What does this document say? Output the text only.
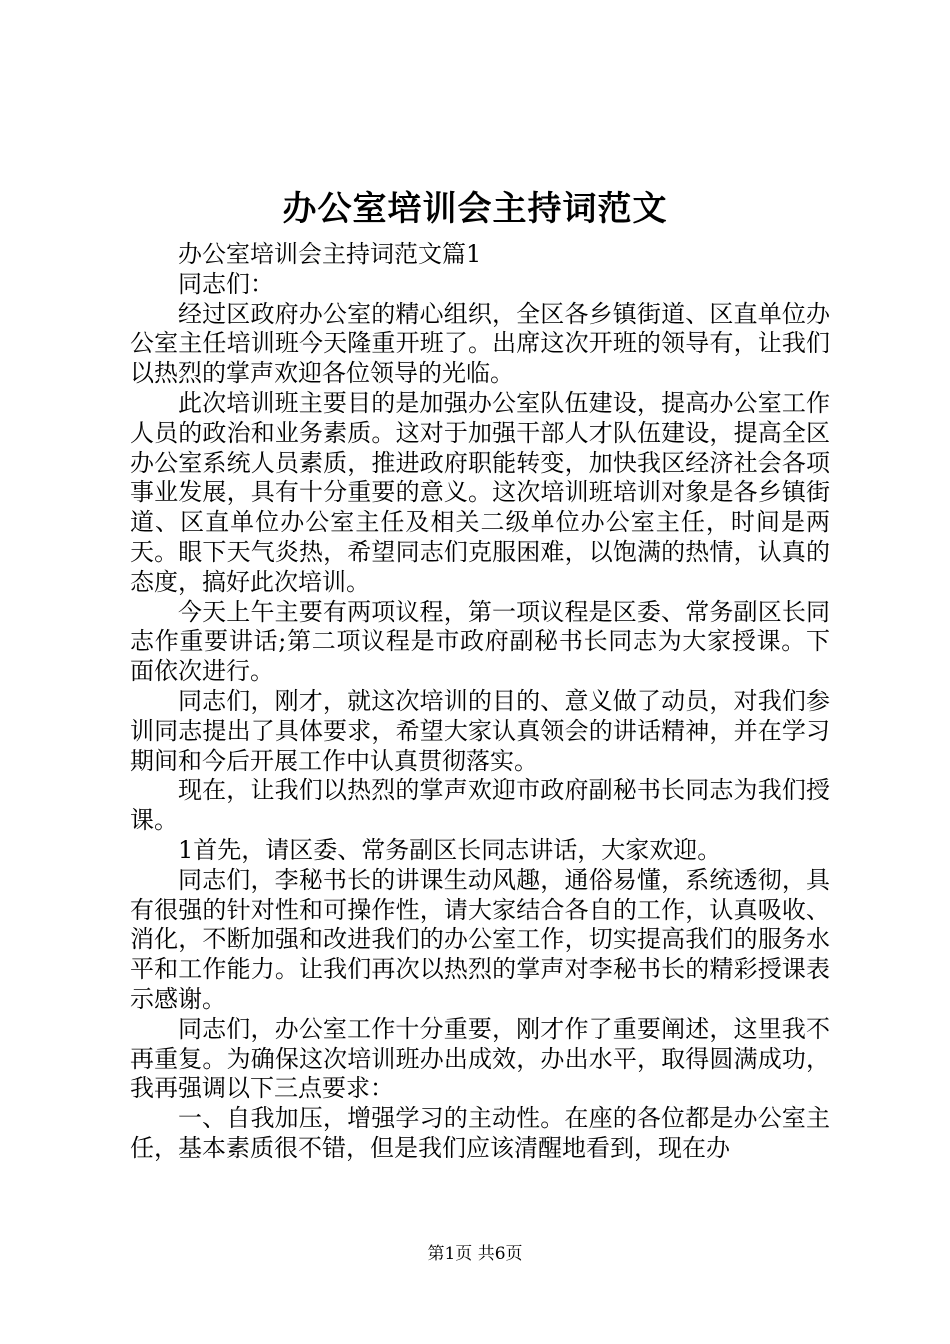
办公室培训会主持词范文

办公室培训会主持词范文篇1

同志们：

经过区政府办公室的精心组织，全区各乡镇街道、区直单位办公室主任培训班今天隆重开班了。出席这次开班的领导有，让我们以热烈的掌声欢迎各位领导的光临。

此次培训班主要目的是加强办公室队伍建设，提高办公室工作人员的政治和业务素质。这对于加强干部人才队伍建设，提高全区办公室系统人员素质，推进政府职能转变，加快我区经济社会各项事业发展，具有十分重要的意义。这次培训班培训对象是各乡镇街道、区直单位办公室主任及相关二级单位办公室主任，时间是两天。眼下天气炎热，希望同志们克服困难，以饱满的热情，认真的态度，搞好此次培训。

今天上午主要有两项议程，第一项议程是区委、常务副区长同志作重要讲话;第二项议程是市政府副秘书长同志为大家授课。下面依次进行。

同志们，刚才，就这次培训的目的、意义做了动员，对我们参训同志提出了具体要求，希望大家认真领会的讲话精神，并在学习期间和今后开展工作中认真贯彻落实。

现在，让我们以热烈的掌声欢迎市政府副秘书长同志为我们授课。

1首先，请区委、常务副区长同志讲话，大家欢迎。

同志们，李秘书长的讲课生动风趣，通俗易懂，系统透彻，具有很强的针对性和可操作性，请大家结合各自的工作，认真吸收、消化，不断加强和改进我们的办公室工作，切实提高我们的服务水平和工作能力。让我们再次以热烈的掌声对李秘书长的精彩授课表示感谢。

同志们，办公室工作十分重要，刚才作了重要阐述，这里我不再重复。为确保这次培训班办出成效，办出水平，取得圆满成功，我再强调以下三点要求：

一、自我加压，增强学习的主动性。在座的各位都是办公室主任，基本素质很不错，但是我们应该清醒地看到，现在办

第1页 共6页
